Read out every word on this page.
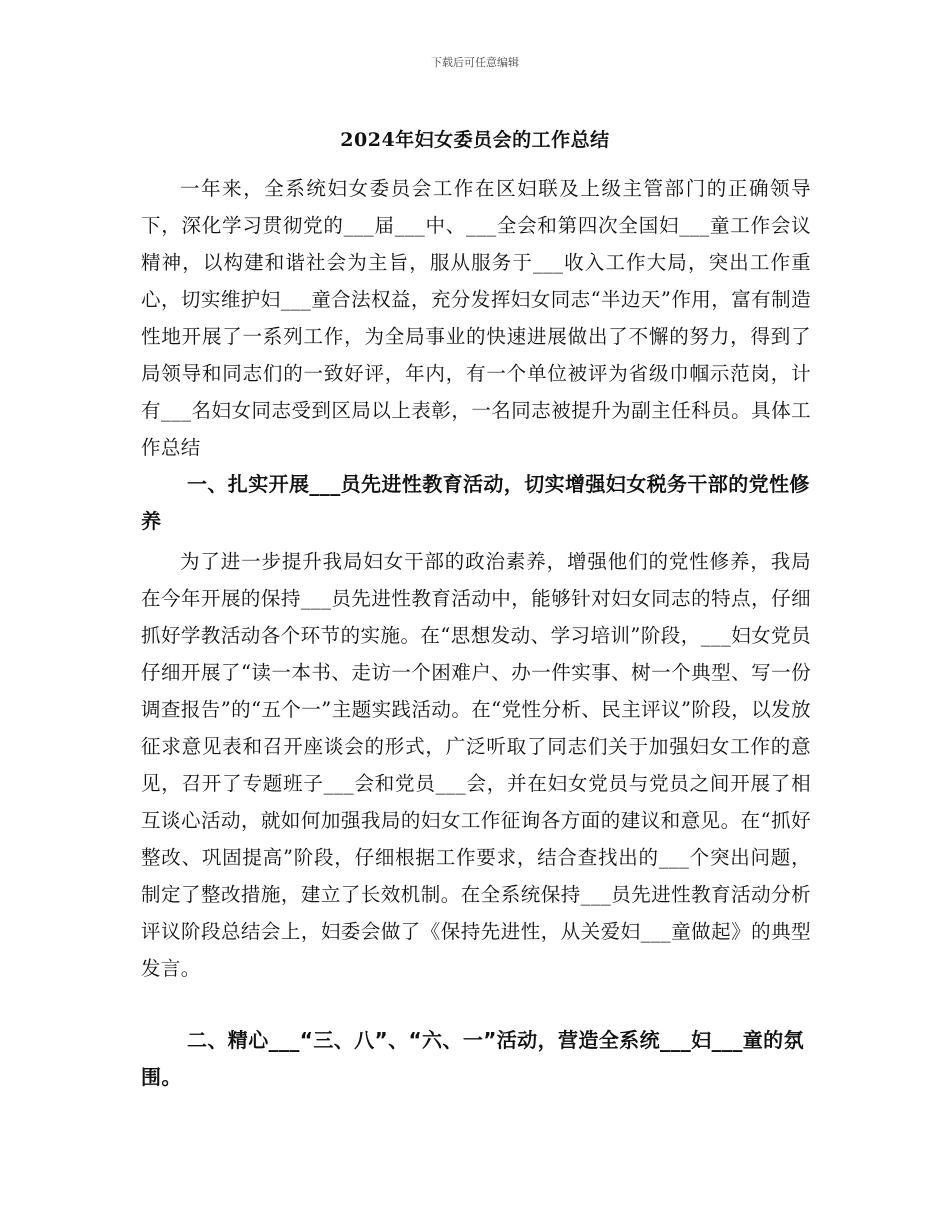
下载后可任意编辑
2024年妇女委员会的工作总结
一年来，全系统妇女委员会工作在区妇联及上级主管部门的正确领导下，深化学习贯彻党的___届___中、___全会和第四次全国妇___童工作会议精神，以构建和谐社会为主旨，服从服务于___收入工作大局，突出工作重心，切实维护妇___童合法权益，充分发挥妇女同志“半边天”作用，富有制造性地开展了一系列工作，为全局事业的快速进展做出了不懈的努力，得到了局领导和同志们的一致好评，年内，有一个单位被评为省级巾帼示范岗，计有___名妇女同志受到区局以上表彰，一名同志被提升为副主任科员。具体工作总结
一、扎实开展___员先进性教育活动，切实增强妇女税务干部的党性修养
为了进一步提升我局妇女干部的政治素养，增强他们的党性修养，我局在今年开展的保持___员先进性教育活动中，能够针对妇女同志的特点，仔细抓好学教活动各个环节的实施。在“思想发动、学习培训”阶段，___妇女党员仔细开展了“读一本书、走访一个困难户、办一件实事、树一个典型、写一份调查报告”的“五个一”主题实践活动。在“党性分析、民主评议”阶段，以发放征求意见表和召开座谈会的形式，广泛听取了同志们关于加强妇女工作的意见，召开了专题班子___会和党员___会，并在妇女党员与党员之间开展了相互谈心活动，就如何加强我局的妇女工作征询各方面的建议和意见。在“抓好整改、巩固提高”阶段，仔细根据工作要求，结合查找出的___个突出问题，制定了整改措施，建立了长效机制。在全系统保持___员先进性教育活动分析评议阶段总结会上，妇委会做了《保持先进性，从关爱妇___童做起》的典型发言。
二、精心___“三、八”、“六、一”活动，营造全系统___妇___童的氛围。
